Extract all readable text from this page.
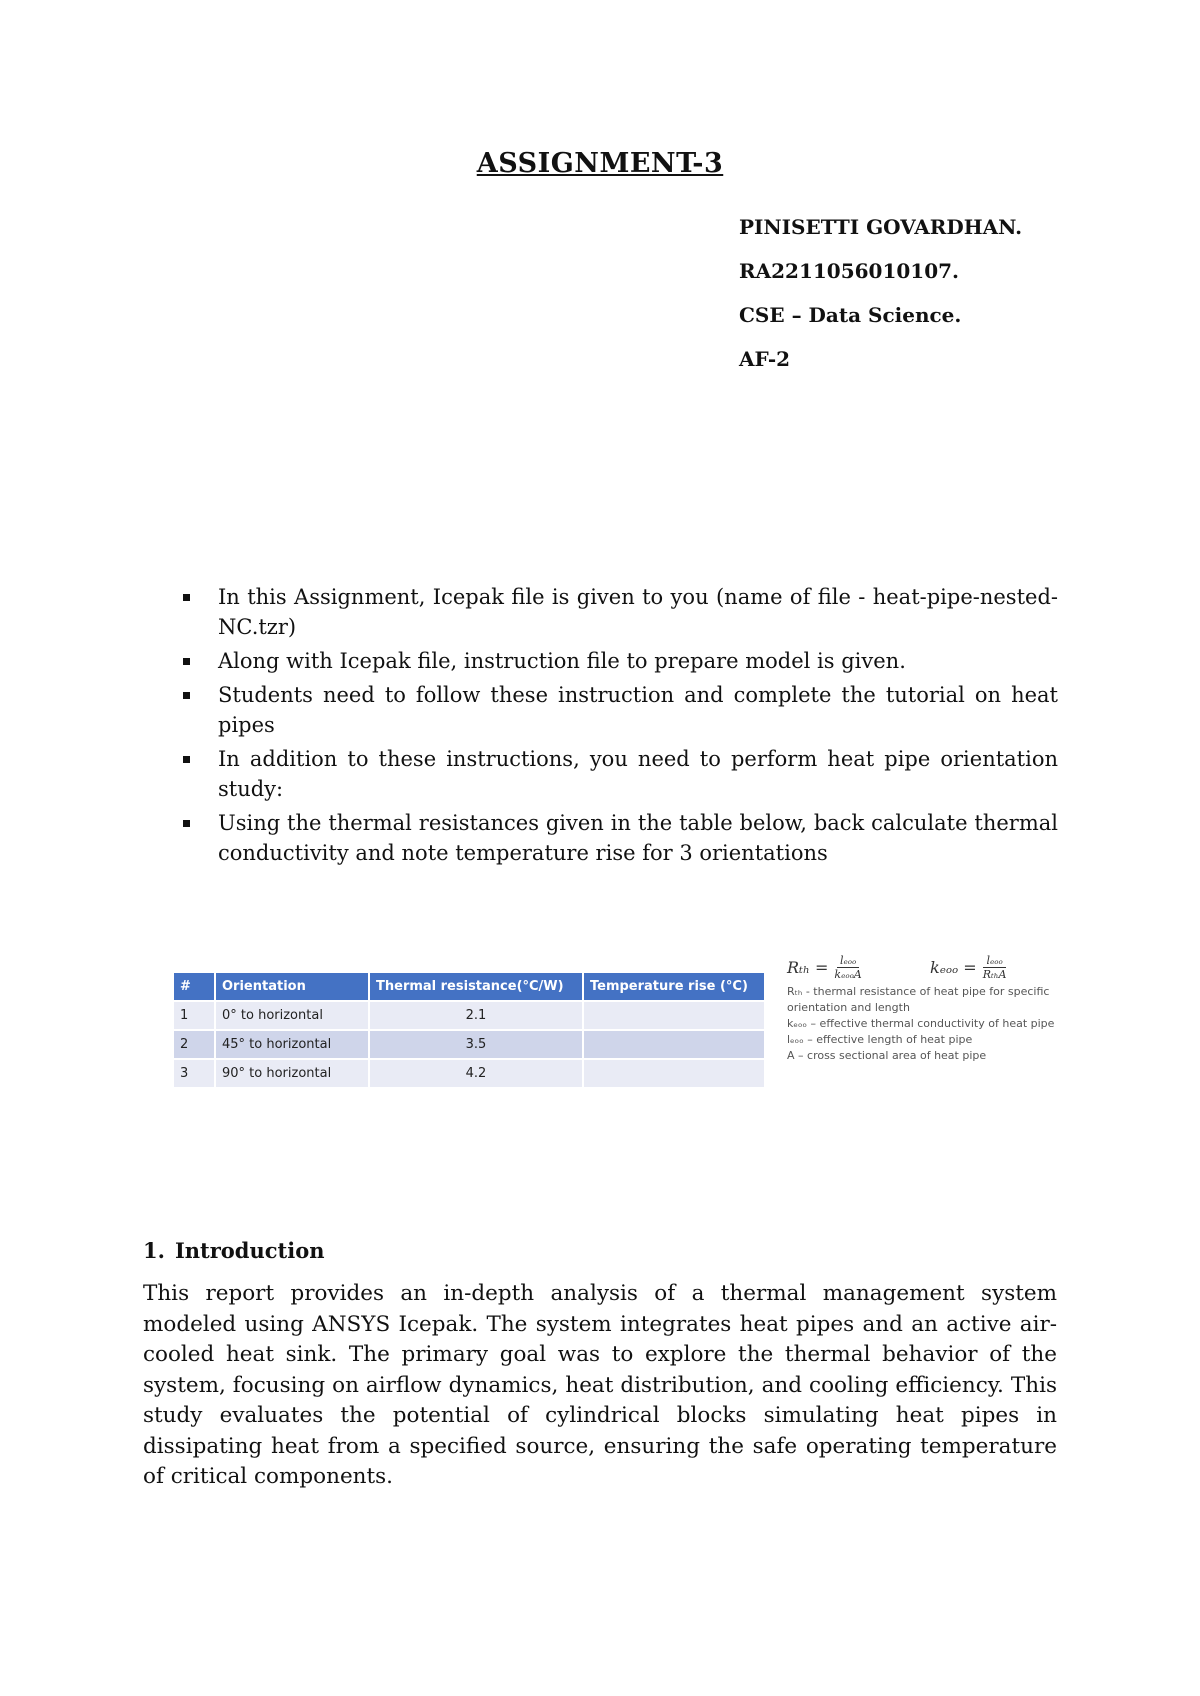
ASSIGNMENT-3
PINISETTI GOVARDHAN.
RA2211056010107.
CSE – Data Science.
AF-2
In this Assignment, Icepak file is given to you (name of file - heat-pipe-nested-NC.tzr)
Along with Icepak file, instruction file to prepare model is given.
Students need to follow these instruction and complete the tutorial on heat pipes
In addition to these instructions, you need to perform heat pipe orientation study:
Using the thermal resistances given in the table below, back calculate thermal conductivity and note temperature rise for 3 orientations
#	Orientation	Thermal resistance(°C/W)	Temperature rise (°C)
1	0° to horizontal	2.1	
2	45° to horizontal	3.5	
3	90° to horizontal	4.2	
$R_{th} = \frac{\text{lₑₒₒ}}{\text{kₑₒₒA}}$	$k_{eoo} = \frac{\text{lₑₒₒ}}{\text{RₜₕA}}$
Rₜₕ - thermal resistance of heat pipe for specific
orientation and length
kₑₒₒ – effective thermal conductivity of heat pipe
lₑₒₒ – effective length of heat pipe
A – cross sectional area of heat pipe
1. Introduction
This report provides an in-depth analysis of a thermal management system modeled using ANSYS Icepak. The system integrates heat pipes and an active air-cooled heat sink. The primary goal was to explore the thermal behavior of the system, focusing on airflow dynamics, heat distribution, and cooling efficiency. This study evaluates the potential of cylindrical blocks simulating heat pipes in dissipating heat from a specified source, ensuring the safe operating temperature of critical components.
